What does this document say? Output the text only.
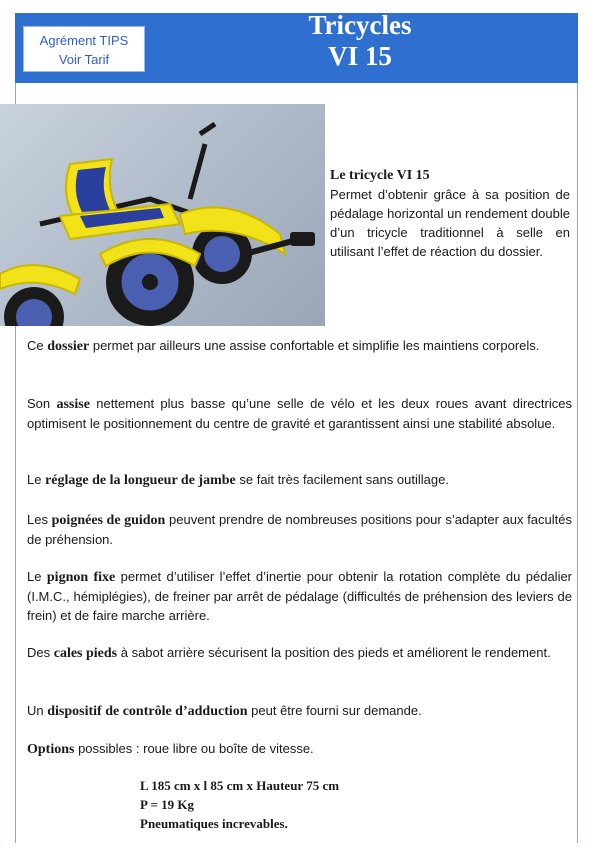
Agrément TIPS
Voir Tarif
Tricycles
VI 15
Le tricycle VI 15
Permet d’obtenir grâce à sa position de pédalage horizontal un rendement double d’un tricycle traditionnel à selle en utilisant l’effet de réaction du dossier.
Ce dossier permet par ailleurs une assise confortable et simplifie les maintiens corporels.
Son assise nettement plus basse qu’une selle de vélo et les deux roues avant directrices optimisent le positionnement du centre de gravité et garantissent ainsi une stabilité absolue.
Le réglage de la longueur de jambe se fait très facilement sans outillage.
Les poignées de guidon peuvent prendre de nombreuses positions pour s’adapter aux facultés de préhension.
Le pignon fixe permet d’utiliser l’effet d’inertie pour obtenir la rotation complète du pédalier (I.M.C., hémiplégies), de freiner par arrêt de pédalage (difficultés de préhension des leviers de frein) et de faire marche arrière.
Des cales pieds à sabot arrière sécurisent la position des pieds et améliorent le rendement.
Un dispositif de contrôle d’adduction peut être fourni sur demande.
Options possibles : roue libre ou boîte de vitesse.
L 185 cm x l 85 cm x Hauteur 75 cm
P = 19 Kg
Pneumatiques increvables.
